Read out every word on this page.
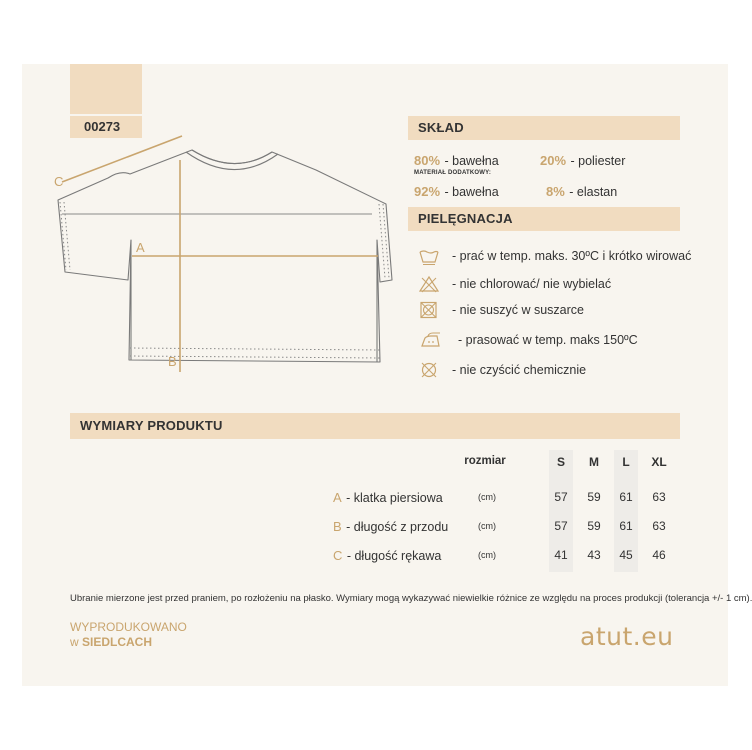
00273
A
B
C
SKŁAD
80% - bawełna	20% - poliester
MATERIAŁ DODATKOWY:
92% - bawełna	8% - elastan
PIELĘGNACJA
- prać w temp. maks. 30ºC i krótko wirować
- nie chlorować/ nie wybielać
- nie suszyć w suszarce
- prasować w temp. maks 150ºC
- nie czyścić chemicznie
WYMIARY PRODUKTU
rozmiar	S	M	L	XL
A - klatka piersiowa	(cm)	57	59	61	63
B - długość z przodu	(cm)	57	59	61	63
C - długość rękawa	(cm)	41	43	45	46
Ubranie mierzone jest przed praniem, po rozłożeniu na płasko. Wymiary mogą wykazywać niewielkie różnice ze względu na proces produkcji (tolerancja +/- 1 cm).
WYPRODUKOWANO
w SIEDLCACH	atut.eu
